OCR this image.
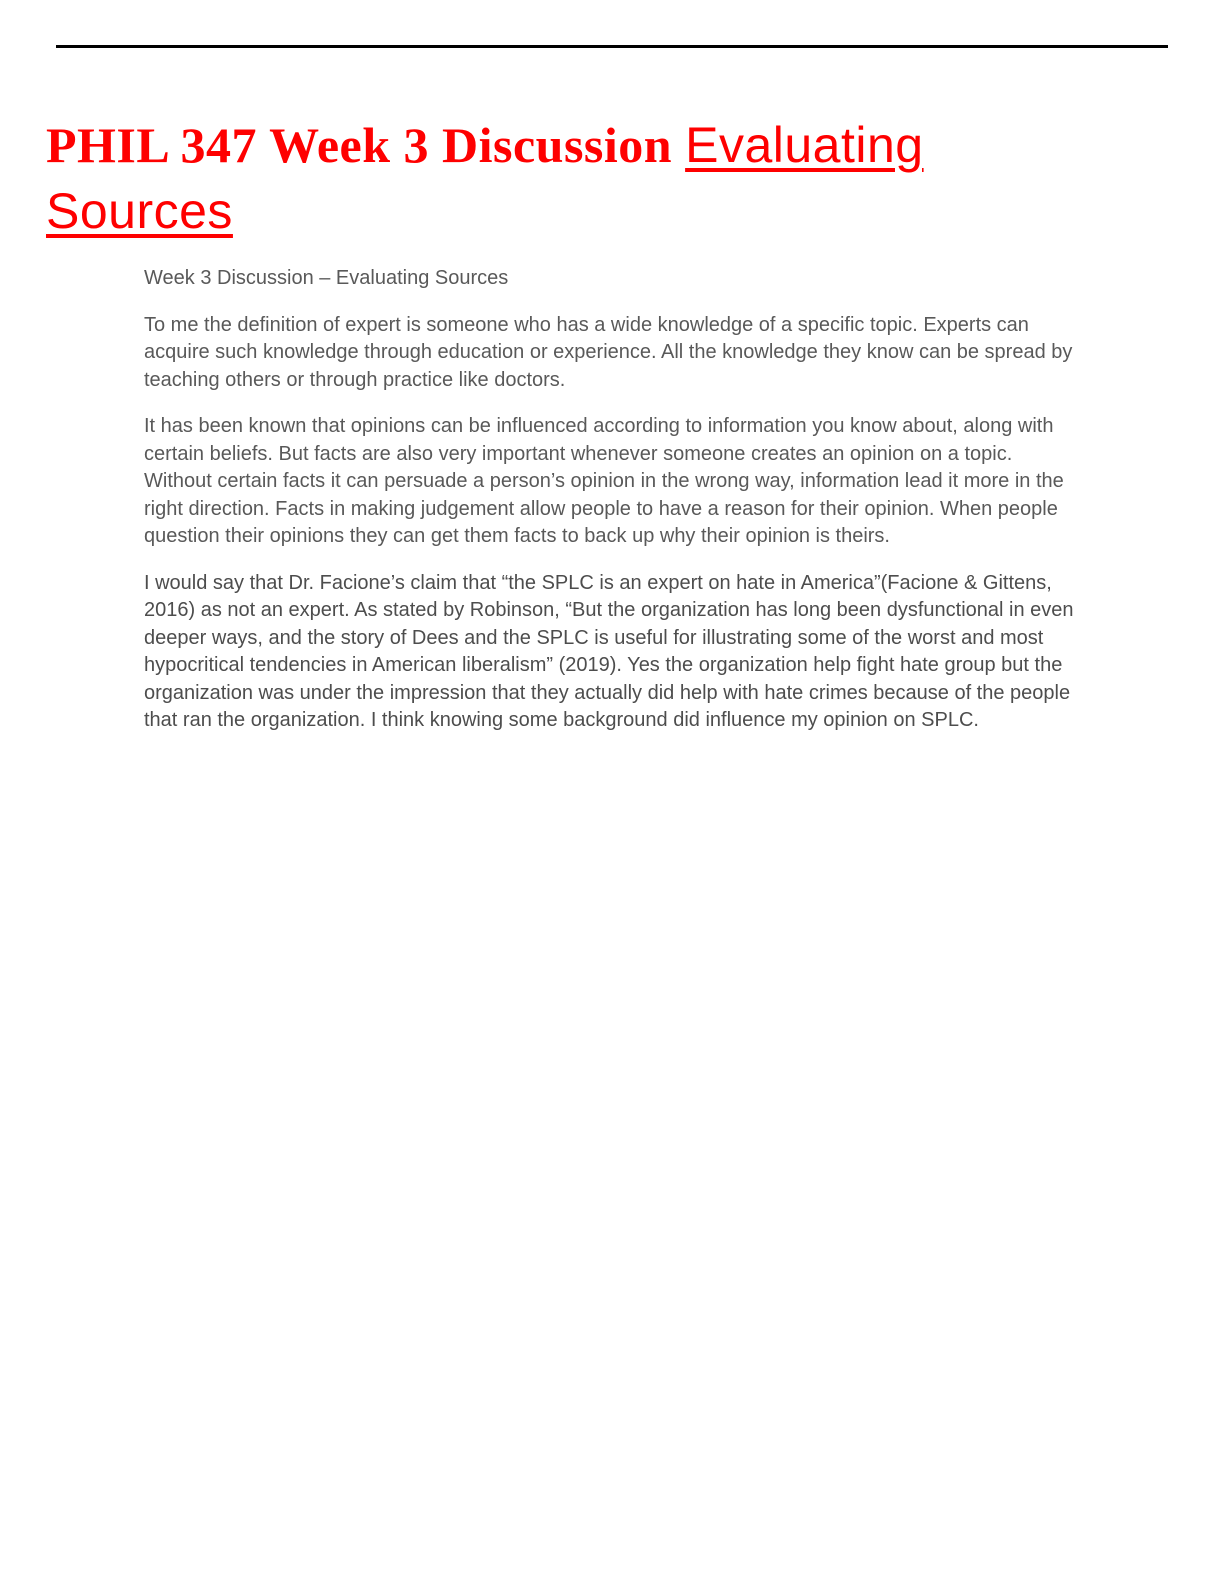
PHIL 347 Week 3 Discussion Evaluating Sources

Week 3 Discussion – Evaluating Sources

To me the definition of expert is someone who has a wide knowledge of a specific topic. Experts can acquire such knowledge through education or experience. All the knowledge they know can be spread by teaching others or through practice like doctors.

It has been known that opinions can be influenced according to information you know about, along with certain beliefs. But facts are also very important whenever someone creates an opinion on a topic. Without certain facts it can persuade a person’s opinion in the wrong way, information lead it more in the right direction. Facts in making judgement allow people to have a reason for their opinion. When people question their opinions they can get them facts to back up why their opinion is theirs.

I would say that Dr. Facione’s claim that “the SPLC is an expert on hate in America”(Facione & Gittens, 2016) as not an expert. As stated by Robinson, “But the organization has long been dysfunctional in even deeper ways, and the story of Dees and the SPLC is useful for illustrating some of the worst and most hypocritical tendencies in American liberalism” (2019). Yes the organization help fight hate group but the organization was under the impression that they actually did help with hate crimes because of the people that ran the organization. I think knowing some background did influence my opinion on SPLC.
